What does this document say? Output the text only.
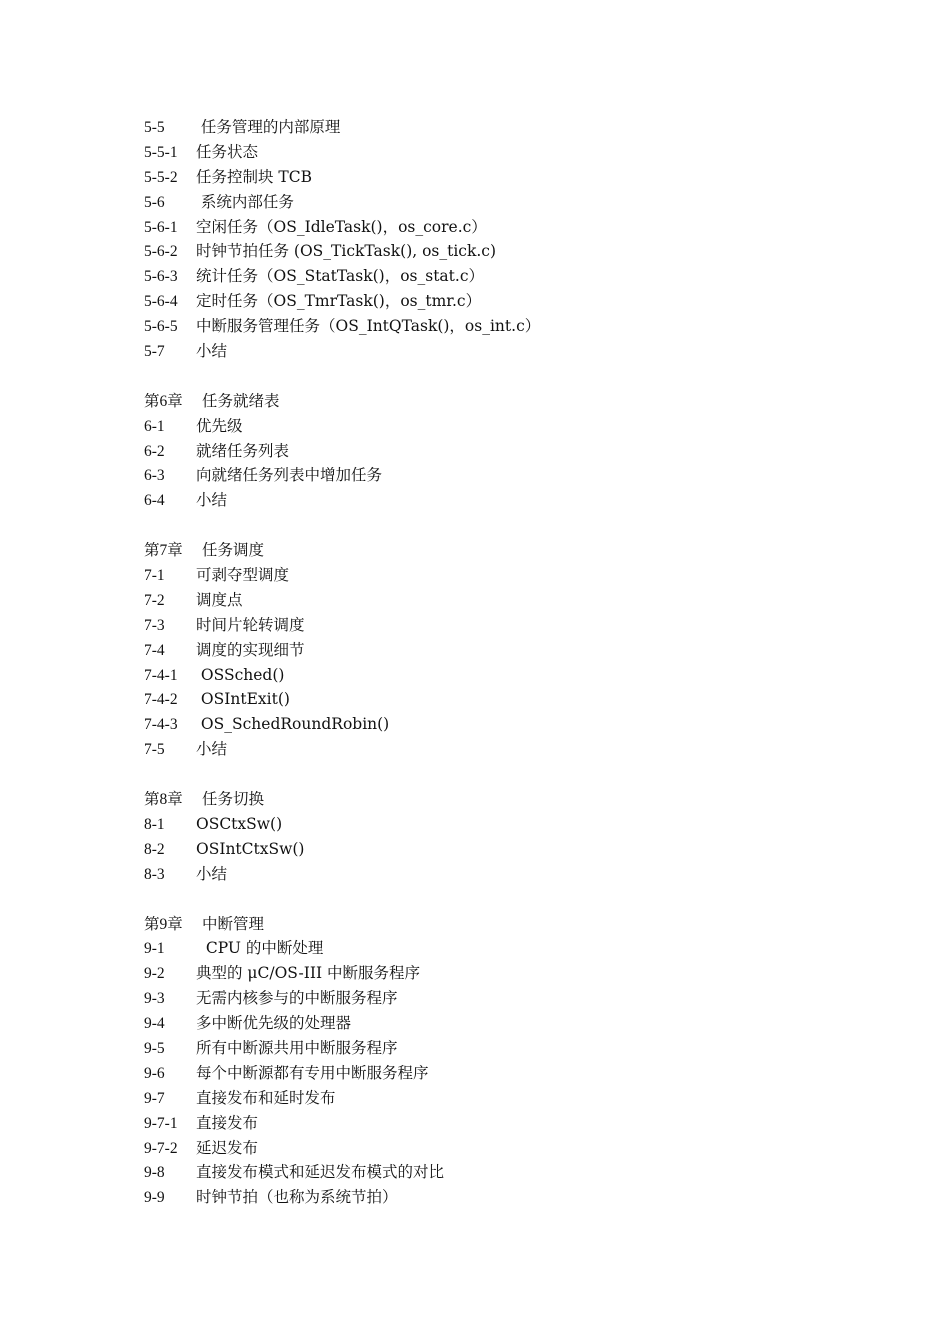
5-5 任务管理的内部原理
5-5-1 任务状态
5-5-2 任务控制块 TCB
5-6 系统内部任务
5-6-1 空闲任务（OS_IdleTask()，os_core.c）
5-6-2 时钟节拍任务 (OS_TickTask(), os_tick.c)
5-6-3 统计任务（OS_StatTask()，os_stat.c）
5-6-4 定时任务（OS_TmrTask()，os_tmr.c）
5-6-5 中断服务管理任务（OS_IntQTask()，os_int.c）
5-7 小结
第6章 任务就绪表
6-1 优先级
6-2 就绪任务列表
6-3 向就绪任务列表中增加任务
6-4 小结
第7章 任务调度
7-1 可剥夺型调度
7-2 调度点
7-3 时间片轮转调度
7-4 调度的实现细节
7-4-1 OSSched()
7-4-2 OSIntExit()
7-4-3 OS_SchedRoundRobin()
7-5 小结
第8章 任务切换
8-1 OSCtxSw()
8-2 OSIntCtxSw()
8-3 小结
第9章 中断管理
9-1  CPU 的中断处理
9-2 典型的 μC/OS-III 中断服务程序
9-3 无需内核参与的中断服务程序
9-4 多中断优先级的处理器
9-5 所有中断源共用中断服务程序
9-6 每个中断源都有专用中断服务程序
9-7 直接发布和延时发布
9-7-1 直接发布
9-7-2 延迟发布
9-8 直接发布模式和延迟发布模式的对比
9-9 时钟节拍（也称为系统节拍）
